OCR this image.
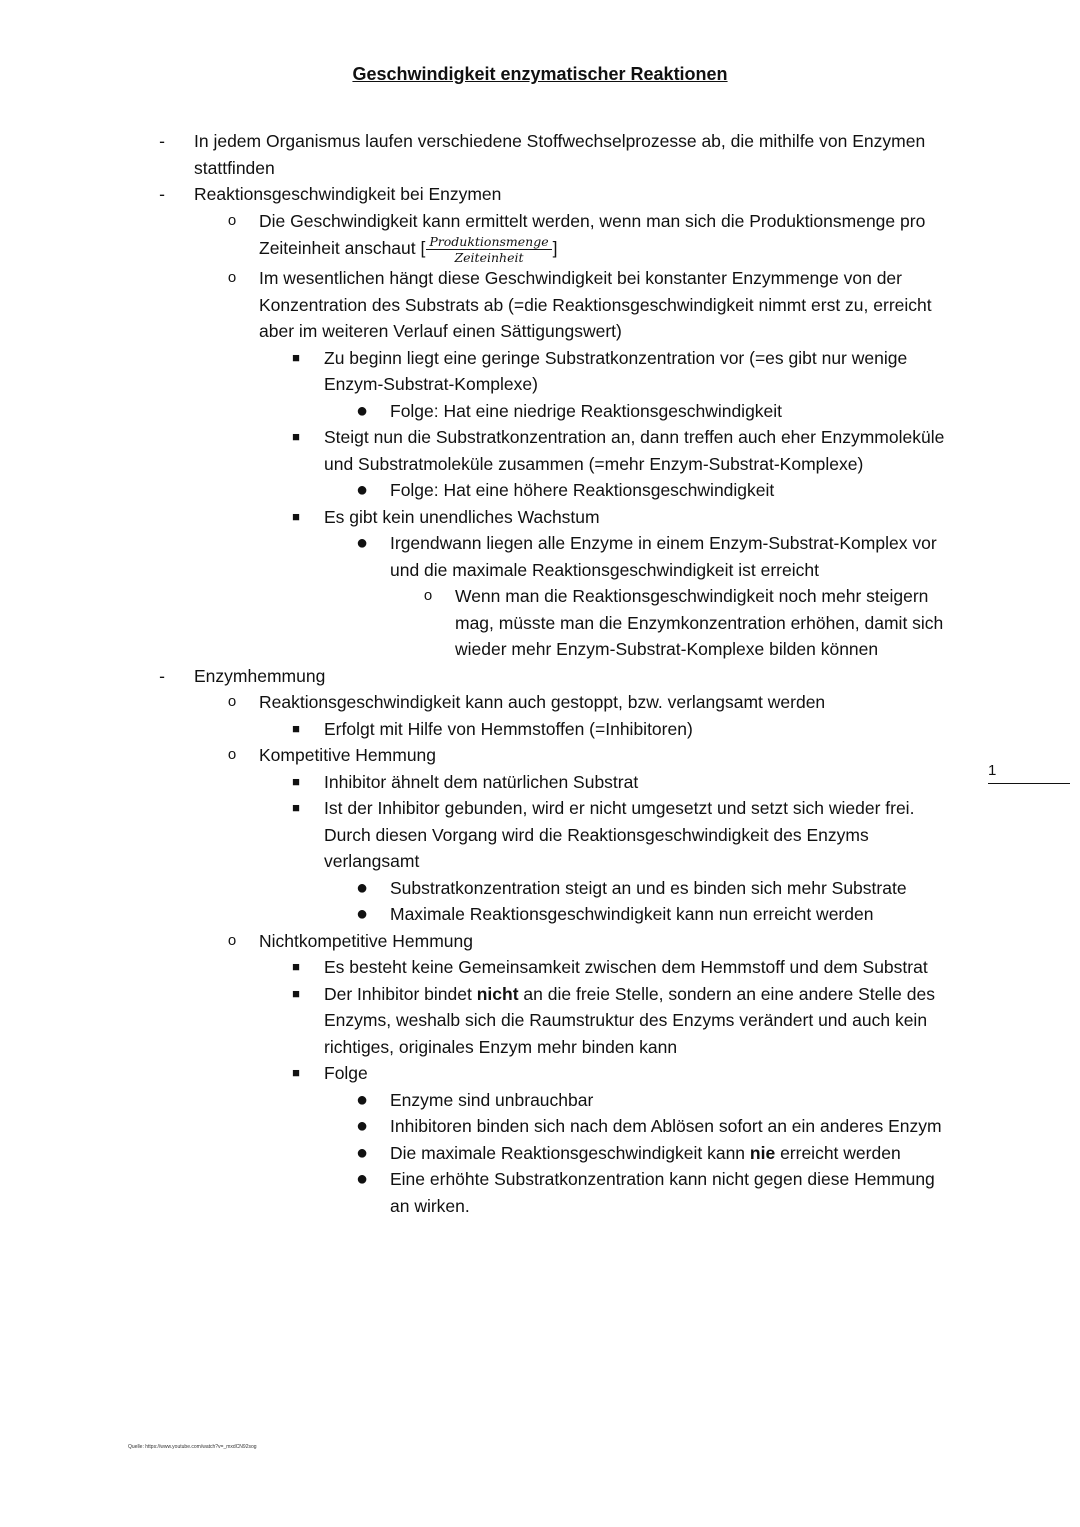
Geschwindigkeit enzymatischer Reaktionen
-	In jedem Organismus laufen verschiedene Stoffwechselprozesse ab, die mithilfe von Enzymen stattfinden
-	Reaktionsgeschwindigkeit bei Enzymen
o	Die Geschwindigkeit kann ermittelt werden, wenn man sich die Produktionsmenge pro Zeiteinheit anschaut [ $\frac{\text{Produktionsmenge}}{\text{Zeiteinheit}}$ ]
o	Im wesentlichen hängt diese Geschwindigkeit bei konstanter Enzymmenge von der Konzentration des Substrats ab (=die Reaktionsgeschwindigkeit nimmt erst zu, erreicht aber im weiteren Verlauf einen Sättigungswert)
■	Zu beginn liegt eine geringe Substratkonzentration vor (=es gibt nur wenige Enzym-Substrat-Komplexe)
●	Folge: Hat eine niedrige Reaktionsgeschwindigkeit
■	Steigt nun die Substratkonzentration an, dann treffen auch eher Enzymmoleküle und Substratmoleküle zusammen (=mehr Enzym-Substrat-Komplexe)
●	Folge: Hat eine höhere Reaktionsgeschwindigkeit
■	Es gibt kein unendliches Wachstum
●	Irgendwann liegen alle Enzyme in einem Enzym-Substrat-Komplex vor und die maximale Reaktionsgeschwindigkeit ist erreicht
o	Wenn man die Reaktionsgeschwindigkeit noch mehr steigern mag, müsste man die Enzymkonzentration erhöhen, damit sich wieder mehr Enzym-Substrat-Komplexe bilden können
-	Enzymhemmung
o	Reaktionsgeschwindigkeit kann auch gestoppt, bzw. verlangsamt werden
■	Erfolgt mit Hilfe von Hemmstoffen (=Inhibitoren)
o	Kompetitive Hemmung
■	Inhibitor ähnelt dem natürlichen Substrat
■	Ist der Inhibitor gebunden, wird er nicht umgesetzt und setzt sich wieder frei. Durch diesen Vorgang wird die Reaktionsgeschwindigkeit des Enzyms verlangsamt
●	Substratkonzentration steigt an und es binden sich mehr Substrate
●	Maximale Reaktionsgeschwindigkeit kann nun erreicht werden
o	Nichtkompetitive Hemmung
■	Es besteht keine Gemeinsamkeit zwischen dem Hemmstoff und dem Substrat
■	Der Inhibitor bindet nicht an die freie Stelle, sondern an eine andere Stelle des Enzyms, weshalb sich die Raumstruktur des Enzyms verändert und auch kein richtiges, originales Enzym mehr binden kann
■	Folge
●	Enzyme sind unbrauchbar
●	Inhibitoren binden sich nach dem Ablösen sofort an ein anderes Enzym
●	Die maximale Reaktionsgeschwindigkeit kann nie erreicht werden
●	Eine erhöhte Substratkonzentration kann nicht gegen diese Hemmung an wirken.
1
Quelle: https://www.youtube.com/watch?v=_mxdCN92sog
